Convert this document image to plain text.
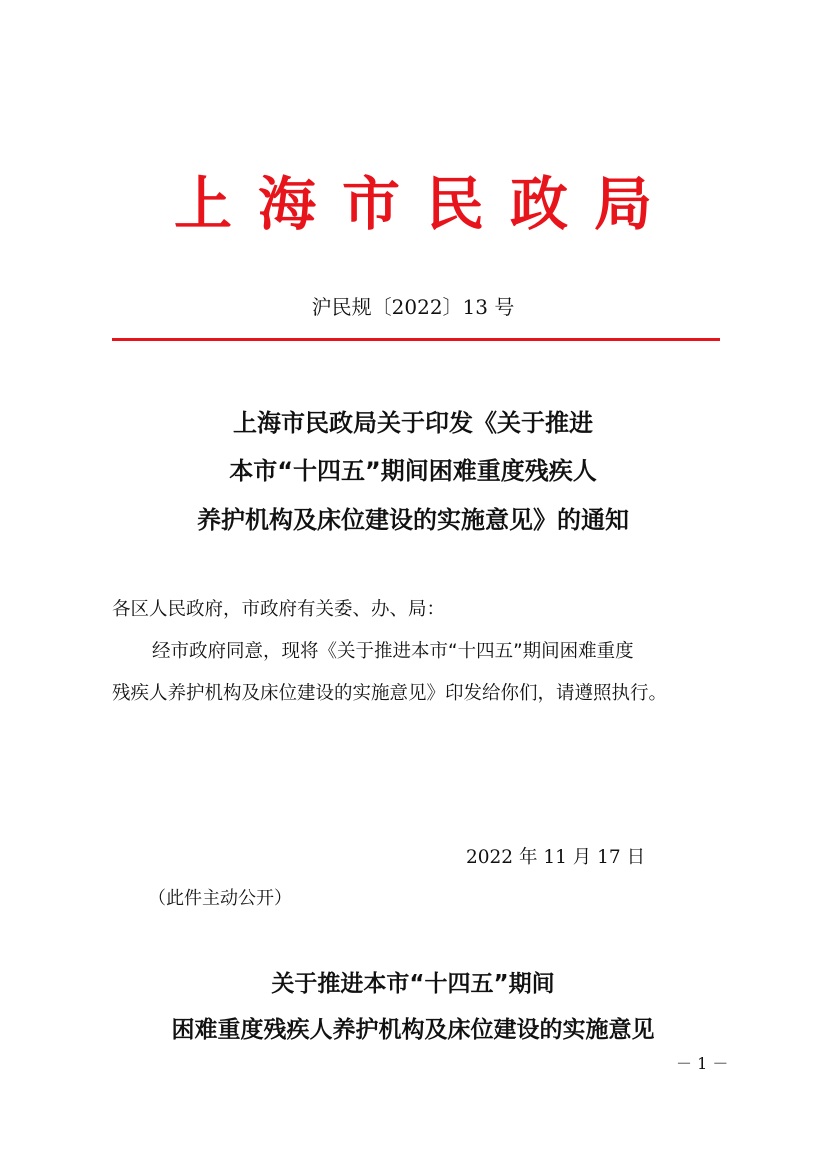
上海市民政局
沪民规〔2022〕13 号
上海市民政局关于印发《关于推进
本市“十四五”期间困难重度残疾人
养护机构及床位建设的实施意见》的通知
各区人民政府，市政府有关委、办、局：
经市政府同意，现将《关于推进本市“十四五”期间困难重度
残疾人养护机构及床位建设的实施意见》印发给你们，请遵照执行。
2022 年 11 月 17 日
（此件主动公开）
关于推进本市“十四五”期间
困难重度残疾人养护机构及床位建设的实施意见
－ 1 －
